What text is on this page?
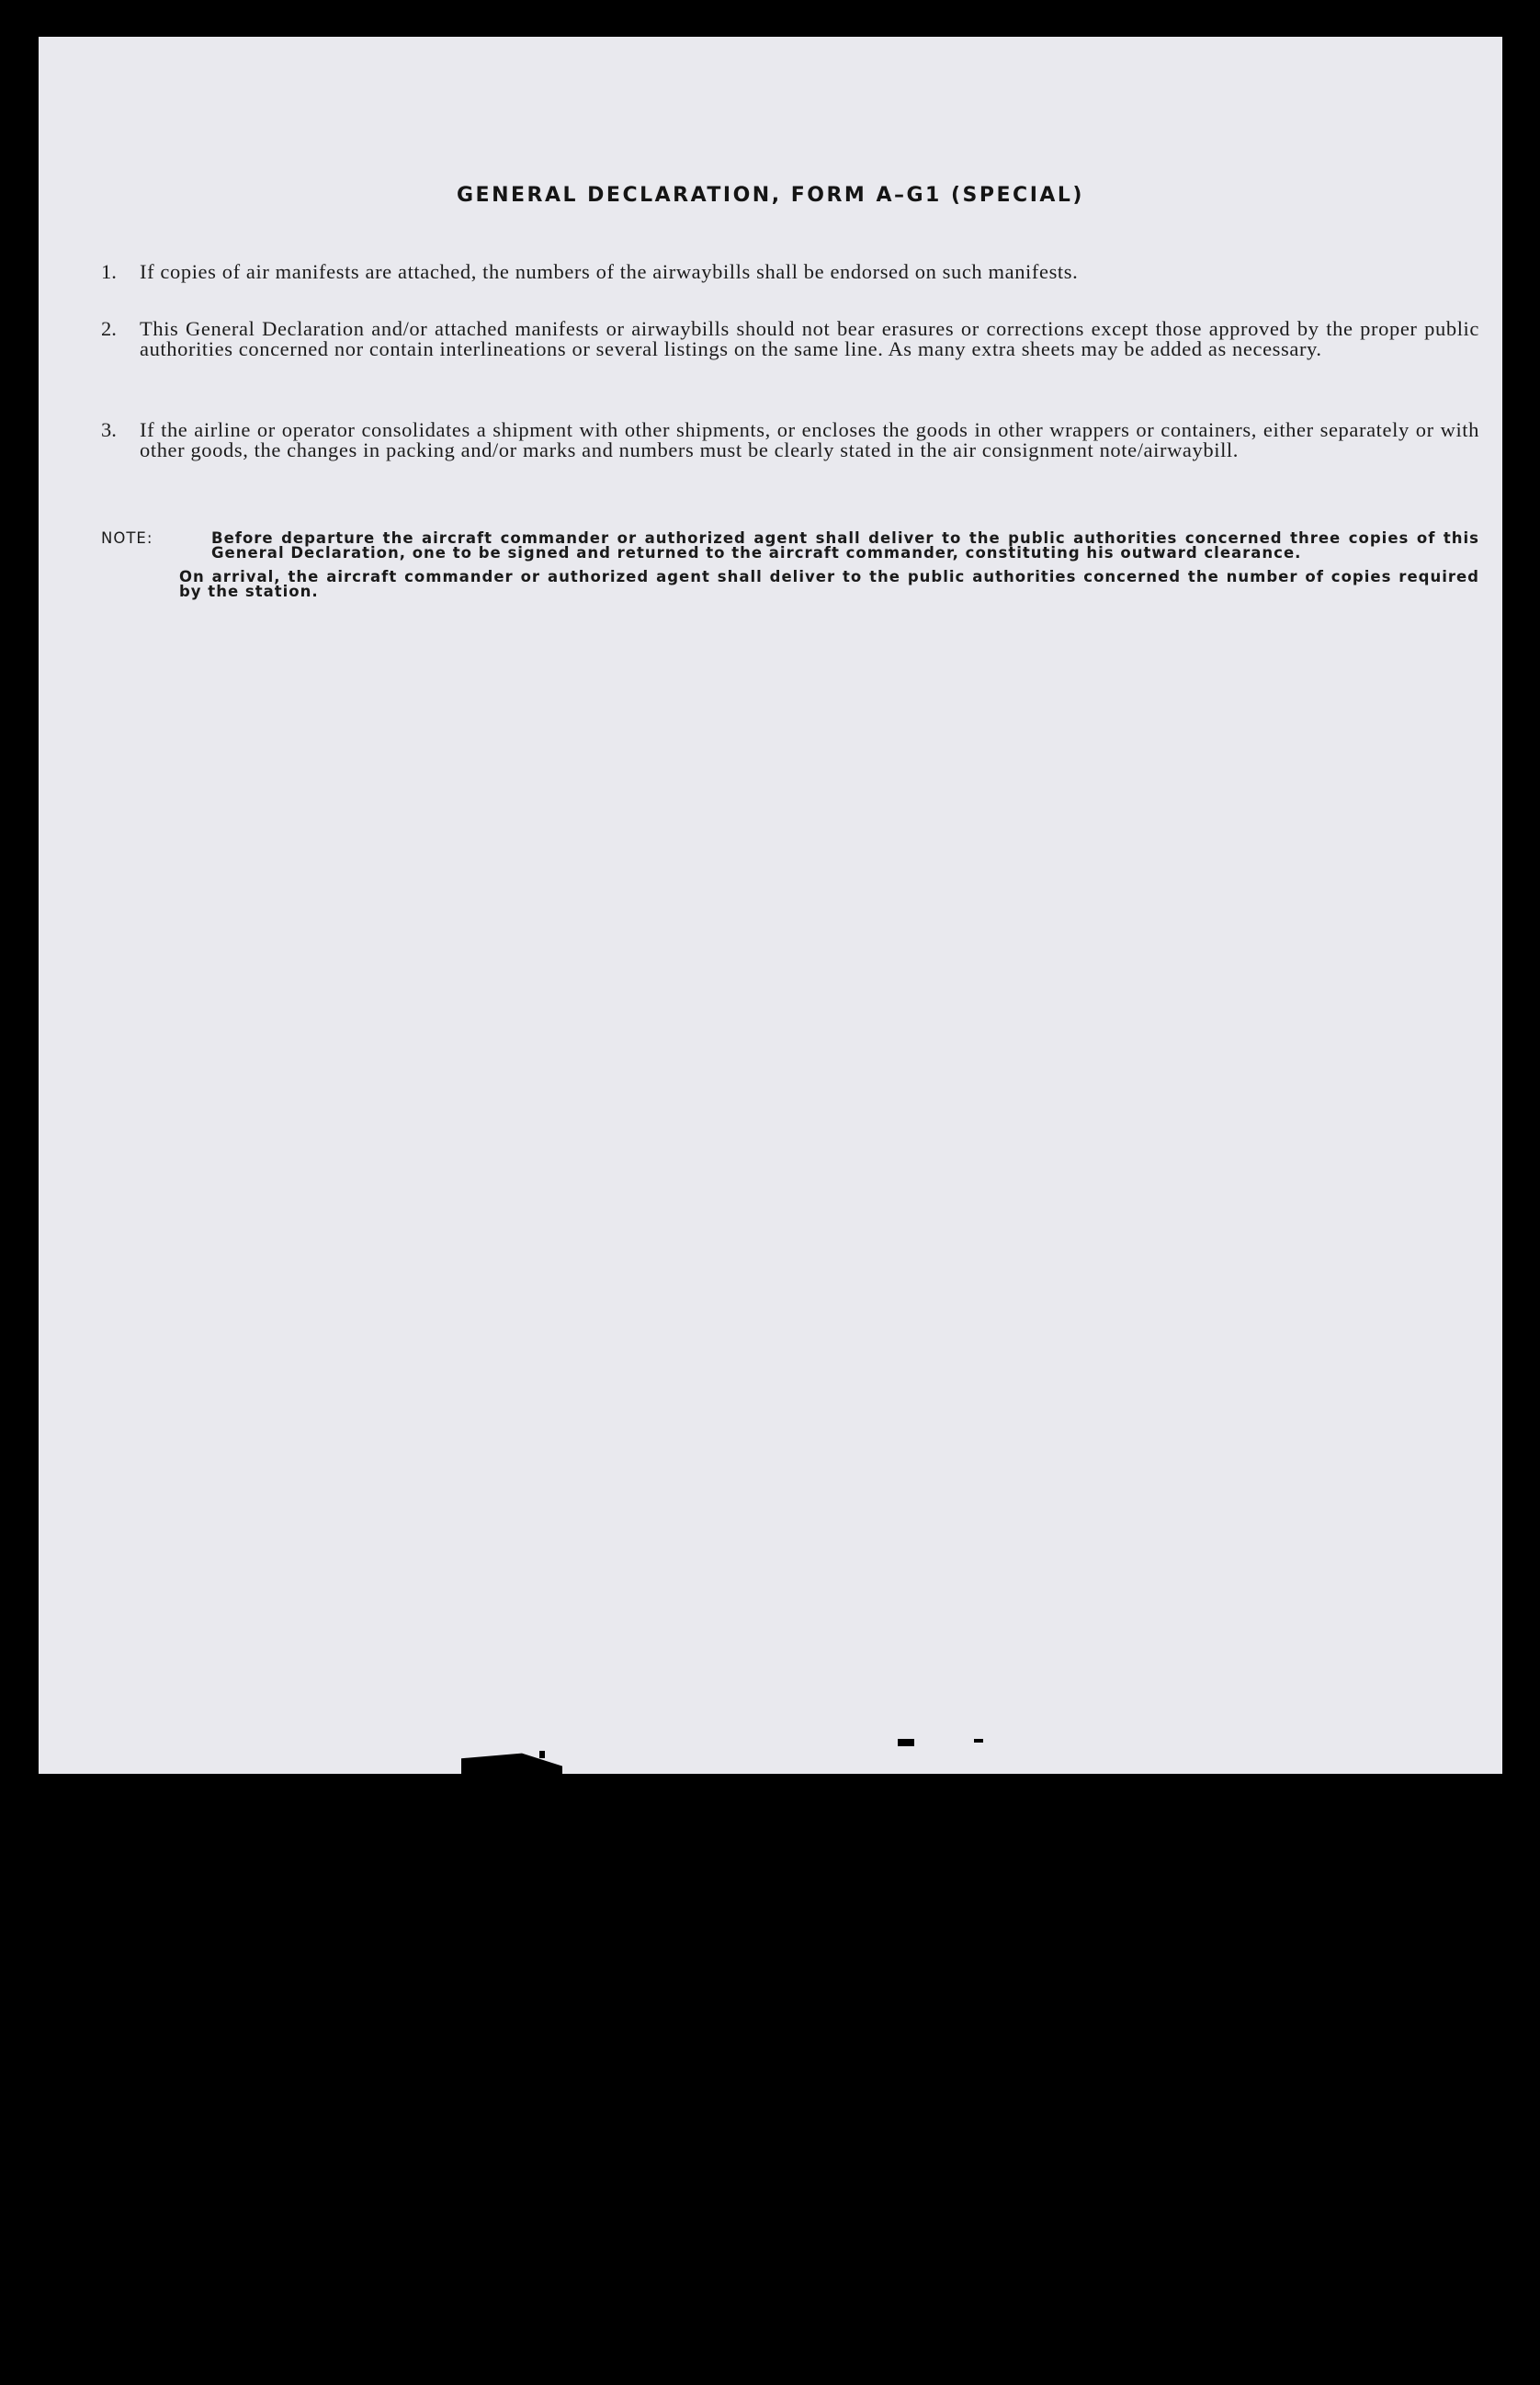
GENERAL DECLARATION, FORM A–G1 (SPECIAL)
1.	If copies of air manifests are attached, the numbers of the airwaybills shall be endorsed on such manifests.
2.	This General Declaration and/or attached manifests or airwaybills should not bear erasures or corrections except those approved by the proper public authorities concerned nor contain interlineations or several listings on the same line. As many extra sheets may be added as necessary.
3.	If the airline or operator consolidates a shipment with other shipments, or encloses the goods in other wrappers or containers, either separately or with other goods, the changes in packing and/or marks and numbers must be clearly stated in the air consignment note/airwaybill.
NOTE:	Before departure the aircraft commander or authorized agent shall deliver to the public authorities concerned three copies of this General Declaration, one to be signed and returned to the aircraft commander, constituting his outward clearance.

On arrival, the aircraft commander or authorized agent shall deliver to the public authorities concerned the number of copies required by the station.
